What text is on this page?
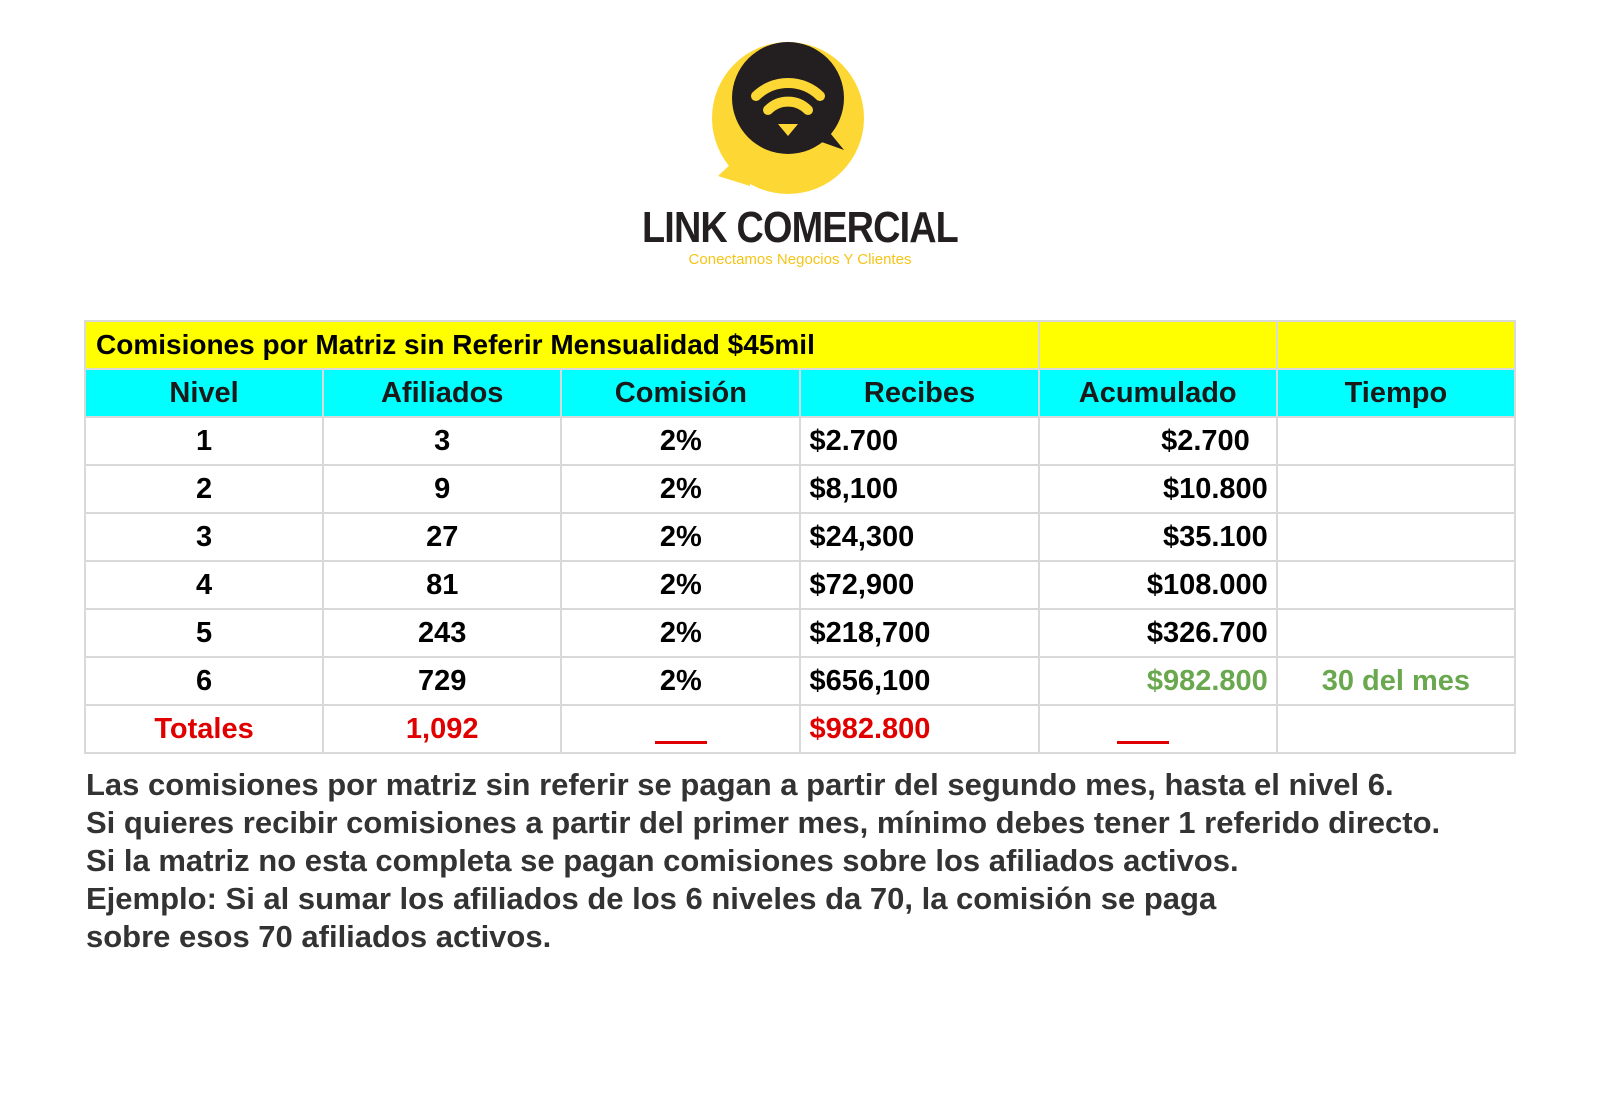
LINK COMERCIAL
Conectamos Negocios Y Clientes
Comisiones por Matriz sin Referir Mensualidad $45mil					
Nivel	Afiliados	Comisión	Recibes	Acumulado	Tiempo
1	3	2%	$2.700	$2.700	
2	9	2%	$8,100	$10.800	
3	27	2%	$24,300	$35.100	
4	81	2%	$72,900	$108.000	
5	243	2%	$218,700	$326.700	
6	729	2%	$656,100	$982.800	30 del mes
Totales	1,092		$982.800		

Las comisiones por matriz sin referir se pagan a partir del segundo mes, hasta el nivel 6.

Si quieres recibir comisiones a partir del primer mes, mínimo debes tener 1 referido directo.

Si la matriz no esta completa se pagan comisiones sobre los afiliados activos.

Ejemplo: Si al sumar los afiliados de los 6 niveles da 70, la comisión se paga

sobre esos 70 afiliados activos.
